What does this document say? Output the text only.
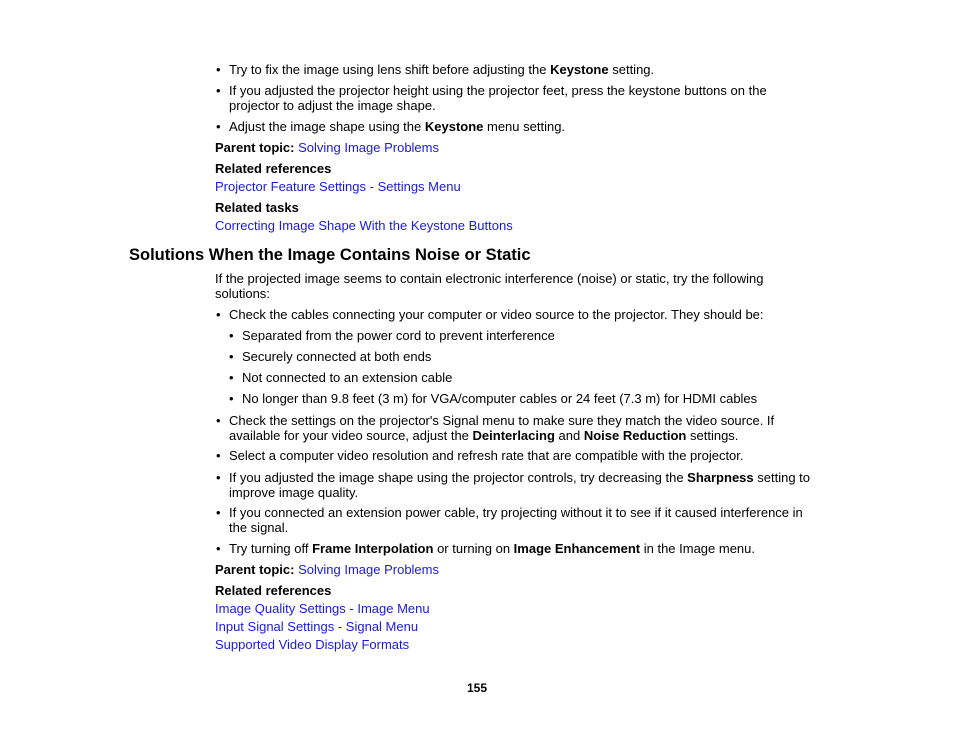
• Try to fix the image using lens shift before adjusting the Keystone setting.
• If you adjusted the projector height using the projector feet, press the keystone buttons on the
projector to adjust the image shape.
• Adjust the image shape using the Keystone menu setting.
Parent topic: Solving Image Problems
Related references
Projector Feature Settings - Settings Menu
Related tasks
Correcting Image Shape With the Keystone Buttons
Solutions When the Image Contains Noise or Static
If the projected image seems to contain electronic interference (noise) or static, try the following
solutions:
• Check the cables connecting your computer or video source to the projector. They should be:
• Separated from the power cord to prevent interference
• Securely connected at both ends
• Not connected to an extension cable
• No longer than 9.8 feet (3 m) for VGA/computer cables or 24 feet (7.3 m) for HDMI cables
• Check the settings on the projector's Signal menu to make sure they match the video source. If
available for your video source, adjust the Deinterlacing and Noise Reduction settings.
• Select a computer video resolution and refresh rate that are compatible with the projector.
• If you adjusted the image shape using the projector controls, try decreasing the Sharpness setting to
improve image quality.
• If you connected an extension power cable, try projecting without it to see if it caused interference in
the signal.
• Try turning off Frame Interpolation or turning on Image Enhancement in the Image menu.
Parent topic: Solving Image Problems
Related references
Image Quality Settings - Image Menu
Input Signal Settings - Signal Menu
Supported Video Display Formats
155
